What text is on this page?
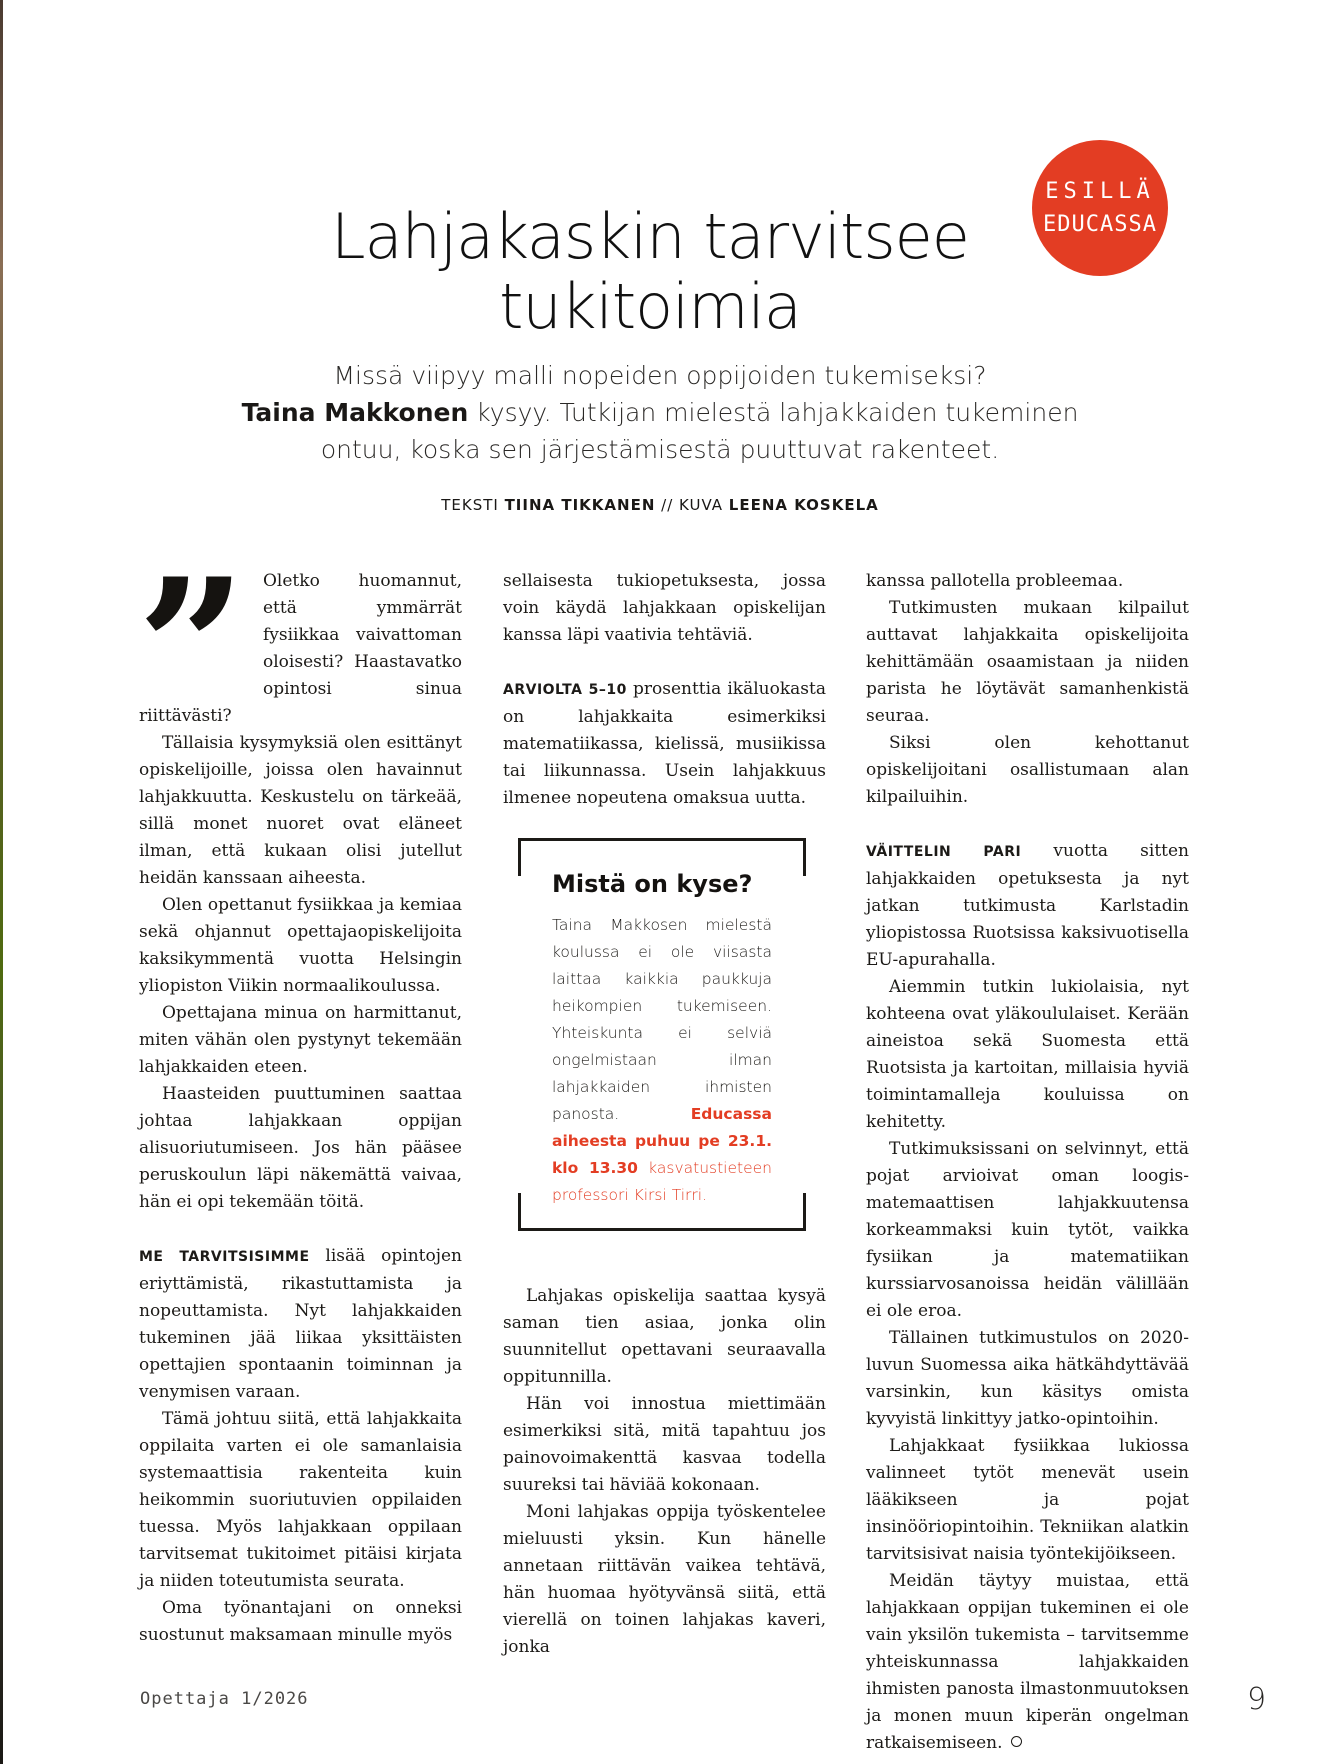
ESILLÄ
EDUCASSA
Lahjakaskin tarvitsee
tukitoimia

Missä viipyy malli nopeiden oppijoiden tukemiseksi?
Taina Makkonen kysyy. Tutkijan mielestä lahjakkaiden tukeminen ontuu, koska sen järjestämisestä puuttuvat rakenteet.

TEKSTI TIINA TIKKANEN // KUVA LEENA KOSKELA

Oletko huomannut, että ymmärrät fysiikkaa vaivattoman oloisesti? Haastavatko opintosi sinua riittävästi?

Tällaisia kysymyksiä olen esittänyt opiskelijoille, joissa olen havainnut lahjakkuutta. Keskustelu on tärkeää, sillä monet nuoret ovat eläneet ilman, että kukaan olisi jutellut heidän kanssaan aiheesta.

Olen opettanut fysiikkaa ja kemiaa sekä ohjannut opettajaopiskelijoita kaksikymmentä vuotta Helsingin yliopiston Viikin normaalikoulussa.

Opettajana minua on harmittanut, miten vähän olen pystynyt tekemään lahjakkaiden eteen.

Haasteiden puuttuminen saattaa johtaa lahjakkaan oppijan alisuoriutumiseen. Jos hän pääsee peruskoulun läpi näkemättä vaivaa, hän ei opi tekemään töitä.

ME TARVITSISIMME lisää opintojen eriyttämistä, rikastuttamista ja nopeuttamista. Nyt lahjakkaiden tukeminen jää liikaa yksittäisten opettajien spontaanin toiminnan ja venymisen varaan.

Tämä johtuu siitä, että lahjakkaita oppilaita varten ei ole samanlaisia systemaattisia rakenteita kuin heikommin suoriutuvien oppilaiden tuessa. Myös lahjakkaan oppilaan tarvitsemat tukitoimet pitäisi kirjata ja niiden toteutumista seurata.

Oma työnantajani on onneksi suostunut maksamaan minulle myös

sellaisesta tukiopetuksesta, jossa voin käydä lahjakkaan opiskelijan kanssa läpi vaativia tehtäviä.

ARVIOLTA 5–10 prosenttia ikäluokasta on lahjakkaita esimerkiksi matematiikassa, kielissä, musiikissa tai liikunnassa. Usein lahjakkuus ilmenee nopeutena omaksua uutta.

Mistä on kyse?
Taina Makkosen mielestä koulussa ei ole viisasta laittaa kaikkia paukkuja heikompien tukemiseen. Yhteiskunta ei selviä ongelmistaan ilman lahjakkaiden ihmisten panosta. Educassa aiheesta puhuu pe 23.1. klo 13.30 kasvatustieteen professori Kirsi Tirri.

Lahjakas opiskelija saattaa kysyä saman tien asiaa, jonka olin suunnitellut opettavani seuraavalla oppitunnilla.

Hän voi innostua miettimään esimerkiksi sitä, mitä tapahtuu jos painovoimakenttä kasvaa todella suureksi tai häviää kokonaan.

Moni lahjakas oppija työskentelee mieluusti yksin. Kun hänelle annetaan riittävän vaikea tehtävä, hän huomaa hyötyvänsä siitä, että vierellä on toinen lahjakas kaveri, jonka

kanssa pallotella probleemaa.

Tutkimusten mukaan kilpailut auttavat lahjakkaita opiskelijoita kehittämään osaamistaan ja niiden parista he löytävät samanhenkistä seuraa.

Siksi olen kehottanut opiskelijoitani osallistumaan alan kilpailuihin.

VÄITTELIN PARI vuotta sitten lahjakkaiden opetuksesta ja nyt jatkan tutkimusta Karlstadin yliopistossa Ruotsissa kaksivuotisella EU-apurahalla.

Aiemmin tutkin lukiolaisia, nyt kohteena ovat yläkoululaiset. Kerään aineistoa sekä Suomesta että Ruotsista ja kartoitan, millaisia hyviä toimintamalleja kouluissa on kehitetty.

Tutkimuksissani on selvinnyt, että pojat arvioivat oman loogis-matemaattisen lahjakkuutensa korkeammaksi kuin tytöt, vaikka fysiikan ja matematiikan kurssiarvosanoissa heidän välillään ei ole eroa.

Tällainen tutkimustulos on 2020-luvun Suomessa aika hätkähdyttävää varsinkin, kun käsitys omista kyvyistä linkittyy jatko-opintoihin.

Lahjakkaat fysiikkaa lukiossa valinneet tytöt menevät usein lääkikseen ja pojat insinööriopintoihin. Tekniikan alatkin tarvitsisivat naisia työntekijöikseen.

Meidän täytyy muistaa, että lahjakkaan oppijan tukeminen ei ole vain yksilön tukemista – tarvitsemme yhteiskunnassa lahjakkaiden ihmisten panosta ilmastonmuutoksen ja monen muun kiperän ongelman ratkaisemiseen.

Opettaja 1/2026	9
